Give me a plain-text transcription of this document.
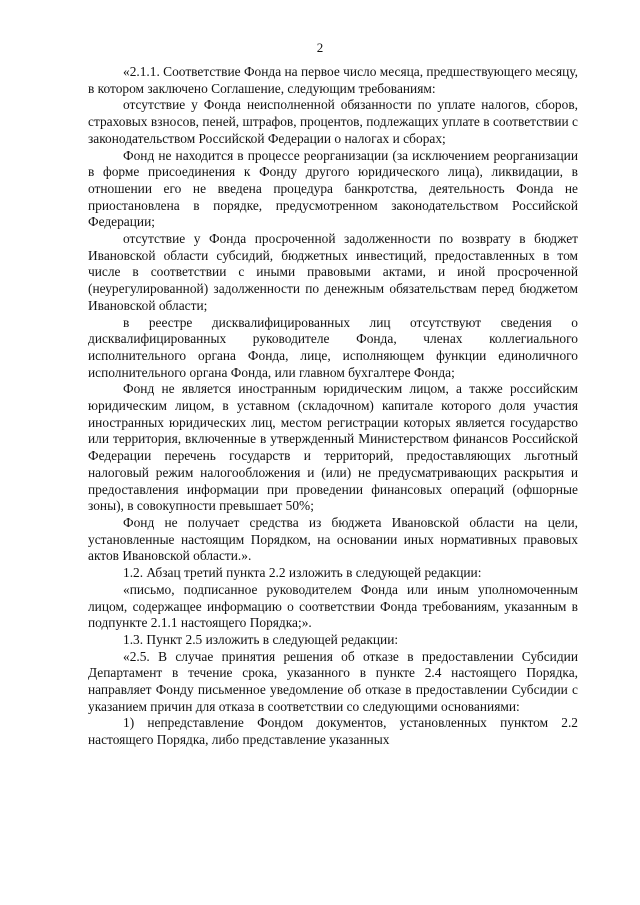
2

«2.1.1. Соответствие Фонда на первое число месяца, предшествующего месяцу, в котором заключено Соглашение, следующим требованиям:

отсутствие у Фонда неисполненной обязанности по уплате налогов, сборов, страховых взносов, пеней, штрафов, процентов, подлежащих уплате в соответствии с законодательством Российской Федерации о налогах и сборах;

Фонд не находится в процессе реорганизации (за исключением реорганизации в форме присоединения к Фонду другого юридического лица), ликвидации, в отношении его не введена процедура банкротства, деятельность Фонда не приостановлена в порядке, предусмотренном законодательством Российской Федерации;

отсутствие у Фонда просроченной задолженности по возврату в бюджет Ивановской области субсидий, бюджетных инвестиций, предоставленных в том числе в соответствии с иными правовыми актами, и иной просроченной (неурегулированной) задолженности по денежным обязательствам перед бюджетом Ивановской области;

в реестре дисквалифицированных лиц отсутствуют сведения о дисквалифицированных руководителе Фонда, членах коллегиального исполнительного органа Фонда, лице, исполняющем функции единоличного исполнительного органа Фонда, или главном бухгалтере Фонда;

Фонд не является иностранным юридическим лицом, а также российским юридическим лицом, в уставном (складочном) капитале которого доля участия иностранных юридических лиц, местом регистрации которых является государство или территория, включенные в утвержденный Министерством финансов Российской Федерации перечень государств и территорий, предоставляющих льготный налоговый режим налогообложения и (или) не предусматривающих раскрытия и предоставления информации при проведении финансовых операций (офшорные зоны), в совокупности превышает 50%;

Фонд не получает средства из бюджета Ивановской области на цели, установленные настоящим Порядком, на основании иных нормативных правовых актов Ивановской области.».

1.2. Абзац третий пункта 2.2 изложить в следующей редакции:

«письмо, подписанное руководителем Фонда или иным уполномоченным лицом, содержащее информацию о соответствии Фонда требованиям, указанным в подпункте 2.1.1 настоящего Порядка;».

1.3. Пункт 2.5 изложить в следующей редакции:

«2.5. В случае принятия решения об отказе в предоставлении Субсидии Департамент в течение срока, указанного в пункте 2.4 настоящего Порядка, направляет Фонду письменное уведомление об отказе в предоставлении Субсидии с указанием причин для отказа в соответствии со следующими основаниями:

1) непредставление Фондом документов, установленных пунктом 2.2 настоящего Порядка, либо представление указанных
